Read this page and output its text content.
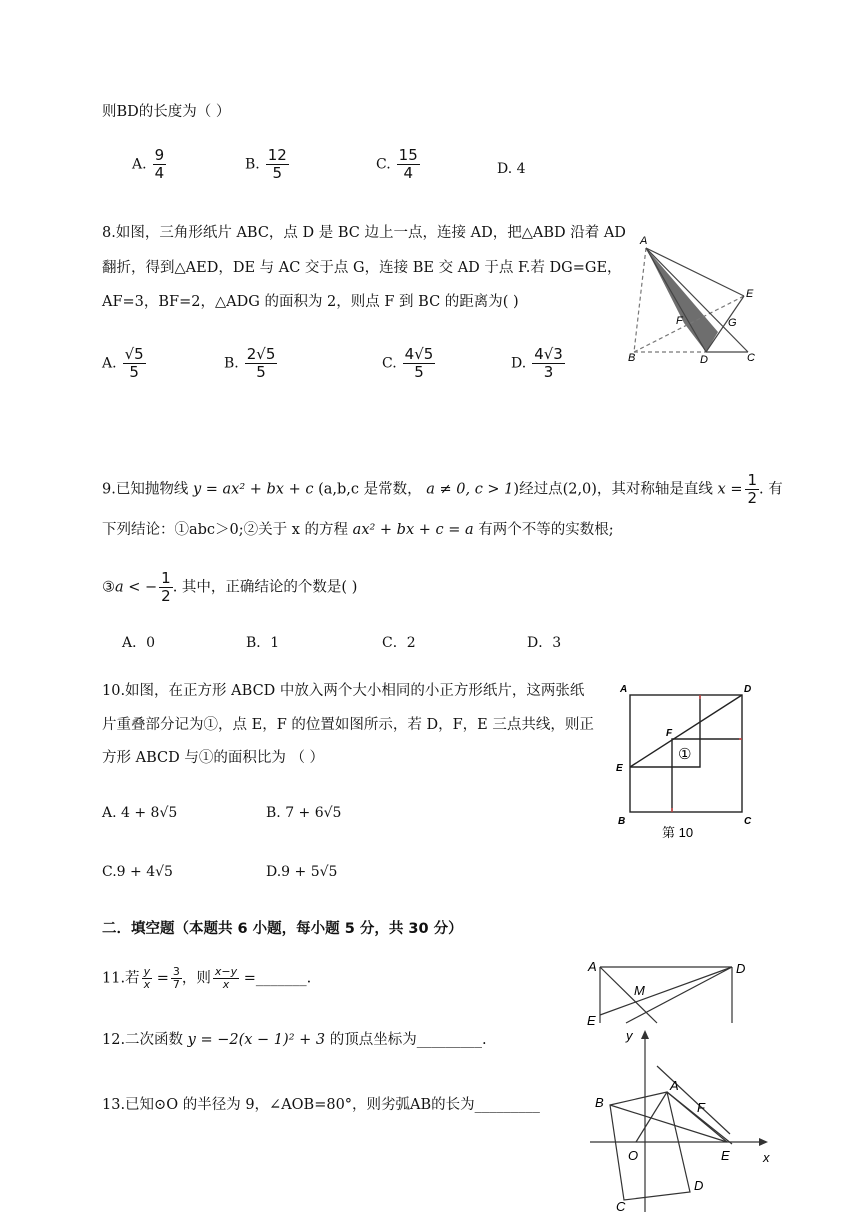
则BD的长度为（ ）
A. $\frac{9}{4}$	B. $\frac{12}{5}$	C. $\frac{15}{4}$	D. 4
8.如图，三角形纸片 ABC，点 D 是 BC 边上一点，连接 AD，把△ABD 沿着 AD
翻折，得到△AED，DE 与 AC 交于点 G，连接 BE 交 AD 于点 F.若 DG=GE，
AF=3，BF=2，△ADG 的面积为 2，则点 F 到 BC 的距离为( )
A. $\frac{√5}{5}$	B. $\frac{2√5}{5}$	C. $\frac{4√5}{5}$	D. $\frac{4√3}{3}$
A
B	C
D
E
F	G
9.已知抛物线 y = ax² + bx + c (a,b,c 是常数， a ≠ 0, c > 1)经过点(2,0)，其对称轴是直线 $x = \frac{1}{2}$ . 有
下列结论：①abc＞0;②关于 x 的方程 ax² + bx + c = a 有两个不等的实数根;
③a < − $\frac{1}{2}$ . 其中，正确结论的个数是( )
A．0	B．1	C．2	D．3
10.如图，在正方形 ABCD 中放入两个大小相同的小正方形纸片，这两张纸
片重叠部分记为①，点 E，F 的位置如图所示，若 D，F，E 三点共线，则正
方形 ABCD 与①的面积比为 （ ）
A. 4 + 8√5	B. 7 + 6√5
C.9 + 4√5	D.9 + 5√5
A	D
B	C
E
F
①
第 10
二．填空题（本题共 6 小题，每小题 5 分，共 30 分）
11.若 $\frac{y}{x} = \frac{3}{7}$ ，则 $\frac{x-y}{x}$ =_______.
12.二次函数 y = −2(x − 1)² + 3 的顶点坐标为_________.
13.已知⊙O 的半径为 9，∠AOB=80°，则劣弧AB的长为_________
A	D
M
E
y
x
A
B	F
O	E
C
D
